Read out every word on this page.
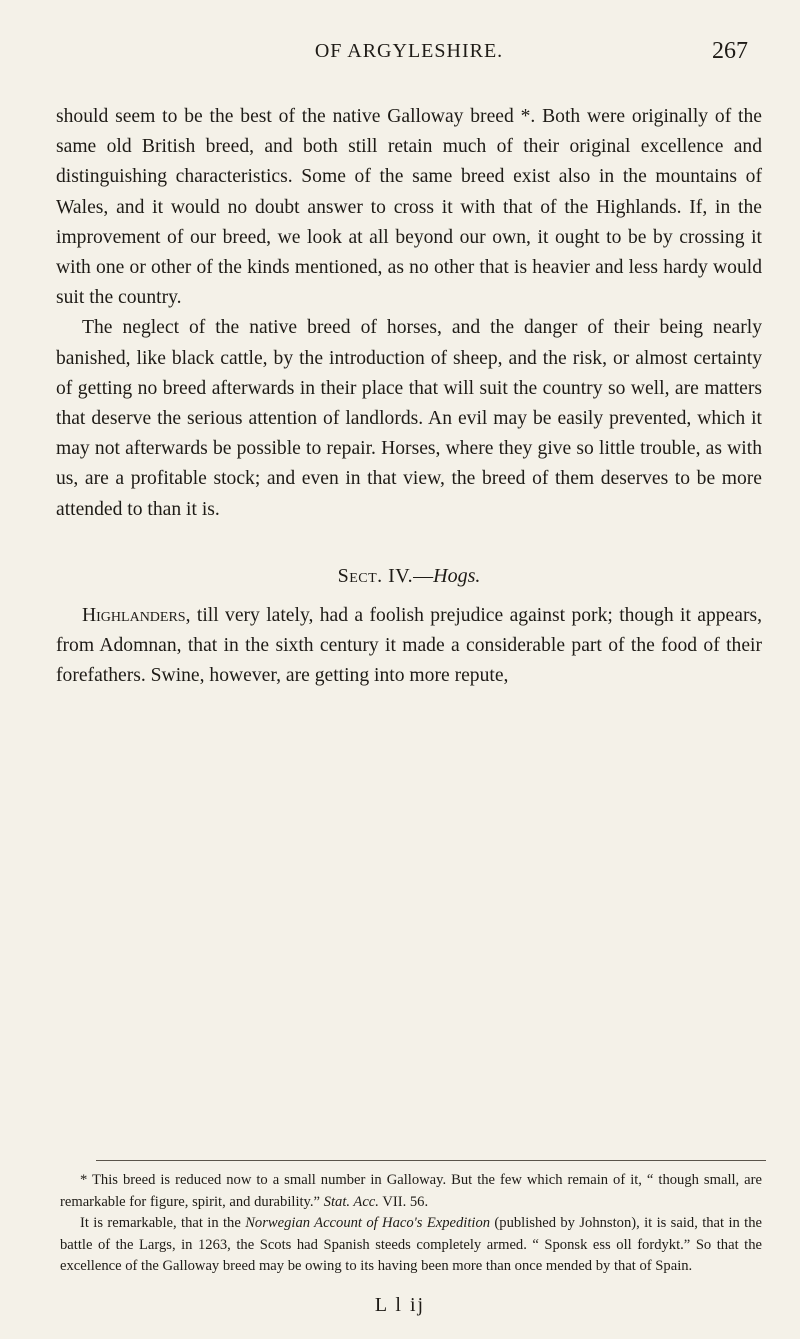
OF ARGYLESHIRE.	267

should seem to be the best of the native Galloway breed *. Both were originally of the same old British breed, and both still retain much of their original excellence and distinguishing characteristics. Some of the same breed exist also in the mountains of Wales, and it would no doubt answer to cross it with that of the Highlands. If, in the improvement of our breed, we look at all beyond our own, it ought to be by crossing it with one or other of the kinds mentioned, as no other that is heavier and less hardy would suit the country.

The neglect of the native breed of horses, and the danger of their being nearly banished, like black cattle, by the introduction of sheep, and the risk, or almost certainty of getting no breed afterwards in their place that will suit the country so well, are matters that deserve the serious attention of landlords. An evil may be easily prevented, which it may not afterwards be possible to repair. Horses, where they give so little trouble, as with us, are a profitable stock; and even in that view, the breed of them deserves to be more attended to than it is.

Sect. IV.—Hogs.

Highlanders, till very lately, had a foolish prejudice against pork; though it appears, from Adomnan, that in the sixth century it made a considerable part of the food of their forefathers. Swine, however, are getting into more repute,

* This breed is reduced now to a small number in Galloway. But the few which remain of it, “ though small, are remarkable for figure, spirit, and durability.” Stat. Acc. VII. 56.

It is remarkable, that in the Norwegian Account of Haco's Expedition (published by Johnston), it is said, that in the battle of the Largs, in 1263, the Scots had Spanish steeds completely armed. “ Sponsk ess oll fordykt.” So that the excellence of the Galloway breed may be owing to its having been more than once mended by that of Spain.

L l ij
